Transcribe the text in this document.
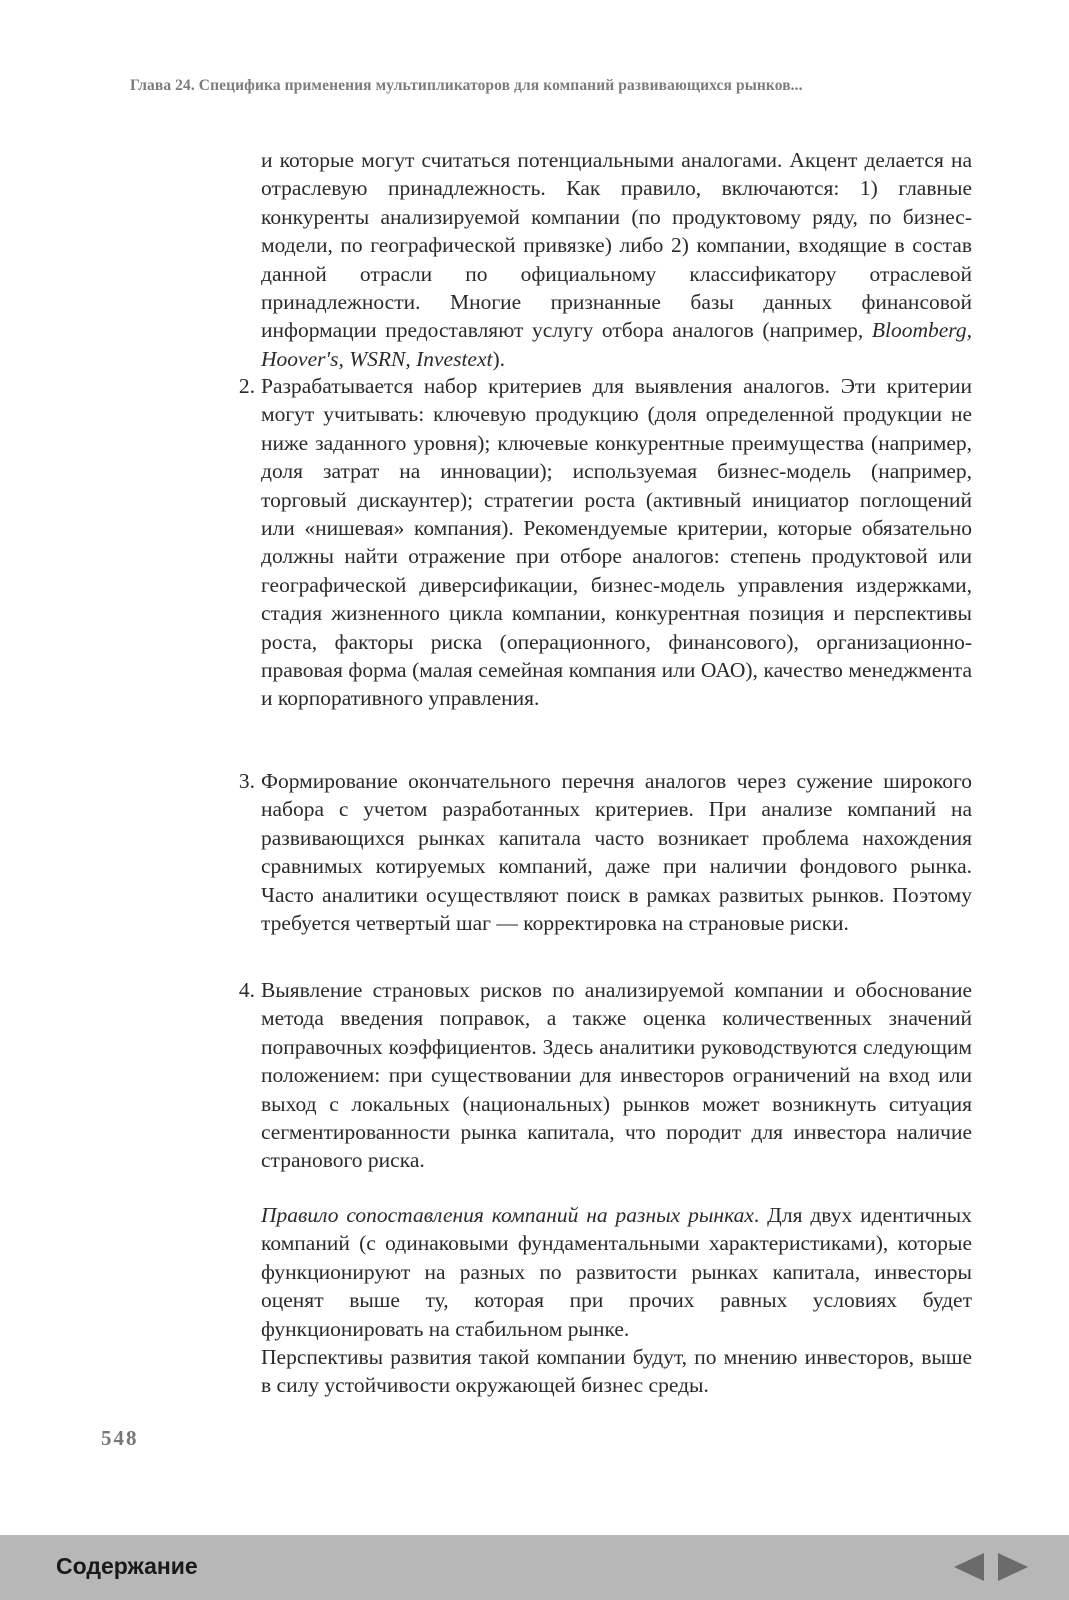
Глава 24. Специфика применения мультипликаторов для компаний развивающихся рынков...

и которые могут считаться потенциальными аналогами. Акцент делается на отраслевую принадлежность. Как правило, включаются: 1) главные конкуренты анализируемой компании (по продуктовому ряду, по бизнес-модели, по географической привязке) либо 2) компании, входящие в состав данной отрасли по официальному классификатору отраслевой принадлежности. Многие признанные базы данных финансовой информации предоставляют услугу отбора аналогов (например, Bloomberg, Hoover's, WSRN, Investext).

2. Разрабатывается набор критериев для выявления аналогов. Эти критерии могут учитывать: ключевую продукцию (доля определенной продукции не ниже заданного уровня); ключевые конкурентные преимущества (например, доля затрат на инновации); используемая бизнес-модель (например, торговый дискаунтер); стратегии роста (активный инициатор поглощений или «нишевая» компания). Рекомендуемые критерии, которые обязательно должны найти отражение при отборе аналогов: степень продуктовой или географической диверсификации, бизнес-модель управления издержками, стадия жизненного цикла компании, конкурентная позиция и перспективы роста, факторы риска (операционного, финансового), организационно-правовая форма (малая семейная компания или ОАО), качество менеджмента и корпоративного управления.
3. Формирование окончательного перечня аналогов через сужение широкого набора с учетом разработанных критериев. При анализе компаний на развивающихся рынках капитала часто возникает проблема нахождения сравнимых котируемых компаний, даже при наличии фондового рынка. Часто аналитики осуществляют поиск в рамках развитых рынков. Поэтому требуется четвертый шаг — корректировка на страновые риски.
4. Выявление страновых рисков по анализируемой компании и обоснование метода введения поправок, а также оценка количественных значений поправочных коэффициентов. Здесь аналитики руководствуются следующим положением: при существовании для инвесторов ограничений на вход или выход с локальных (национальных) рынков может возникнуть ситуация сегментированности рынка капитала, что породит для инвестора наличие странового риска.

Правило сопоставления компаний на разных рынках. Для двух идентичных компаний (с одинаковыми фундаментальными характеристиками), которые функционируют на разных по развитости рынках капитала, инвесторы оценят выше ту, которая при прочих равных условиях будет функционировать на стабильном рынке.

Перспективы развития такой компании будут, по мнению инвесторов, выше в силу устойчивости окружающей бизнес среды.

548
Содержание
